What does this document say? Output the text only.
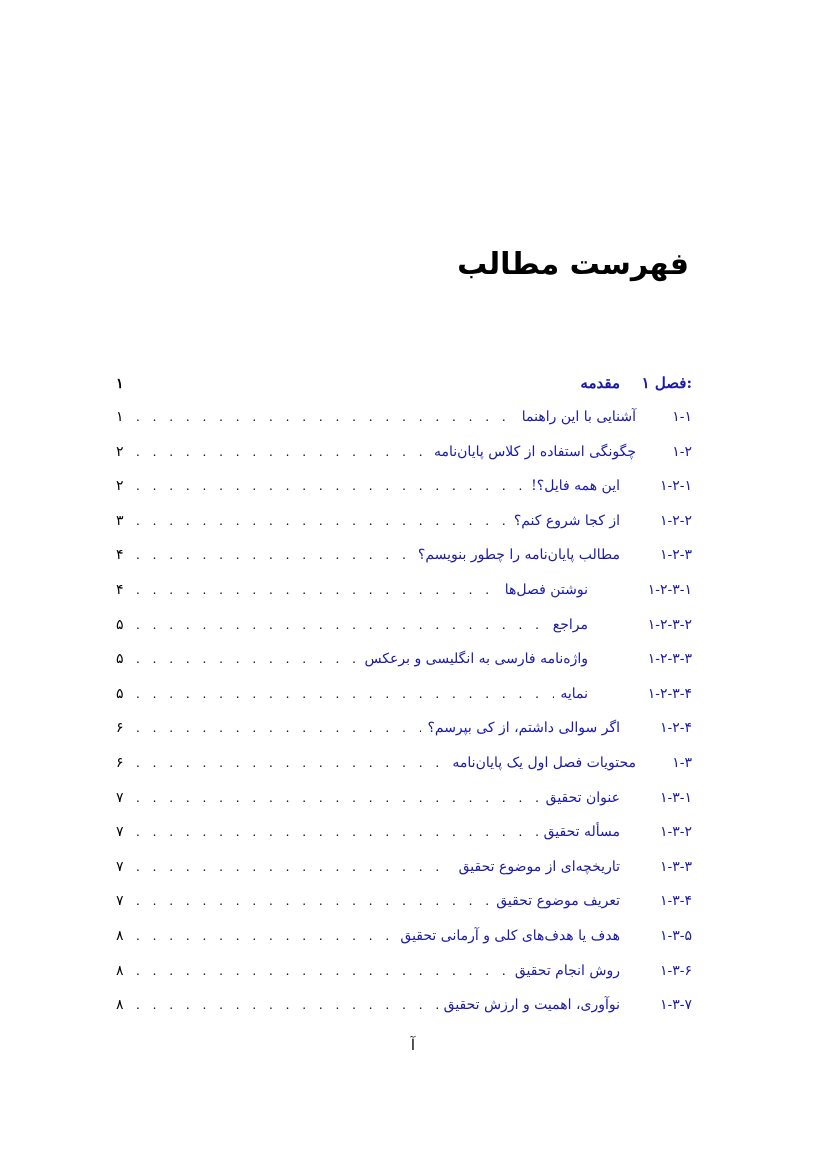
فهرست مطالب
فصل ۱:
مقدمه
۱
۱-۱
آشنایی با این راهنما
. . .
۱
۱-۲
چگونگی استفاده از کلاس پایان‌نامه
. . .
۲
۱-۲-۱
این همه فایل؟!
. . .
۲
۱-۲-۲
از کجا شروع کنم؟
. . .
۳
۱-۲-۳
مطالب پایان‌نامه را چطور بنویسم؟
. . .
۴
۱-۲-۳-۱
نوشتن فصل‌ها
. . .
۴
۱-۲-۳-۲
مراجع
. . .
۵
۱-۲-۳-۳
واژه‌نامه فارسی به انگلیسی و برعکس
. . .
۵
۱-۲-۳-۴
نمایه
. . .
۵
۱-۲-۴
اگر سوالی داشتم، از کی بپرسم؟
. . .
۶
۱-۳
محتویات فصل اول یک پایان‌نامه
. . .
۶
۱-۳-۱
عنوان تحقیق
. . .
۷
۱-۳-۲
مسأله تحقیق
. . .
۷
۱-۳-۳
تاریخچه‌ای از موضوع تحقیق
. . .
۷
۱-۳-۴
تعریف موضوع تحقیق
. . .
۷
۱-۳-۵
هدف یا هدف‌های کلی و آرمانی تحقیق
. . .
۸
۱-۳-۶
روش انجام تحقیق
. . .
۸
۱-۳-۷
نوآوری، اهمیت و ارزش تحقیق
. . .
۸
آ
